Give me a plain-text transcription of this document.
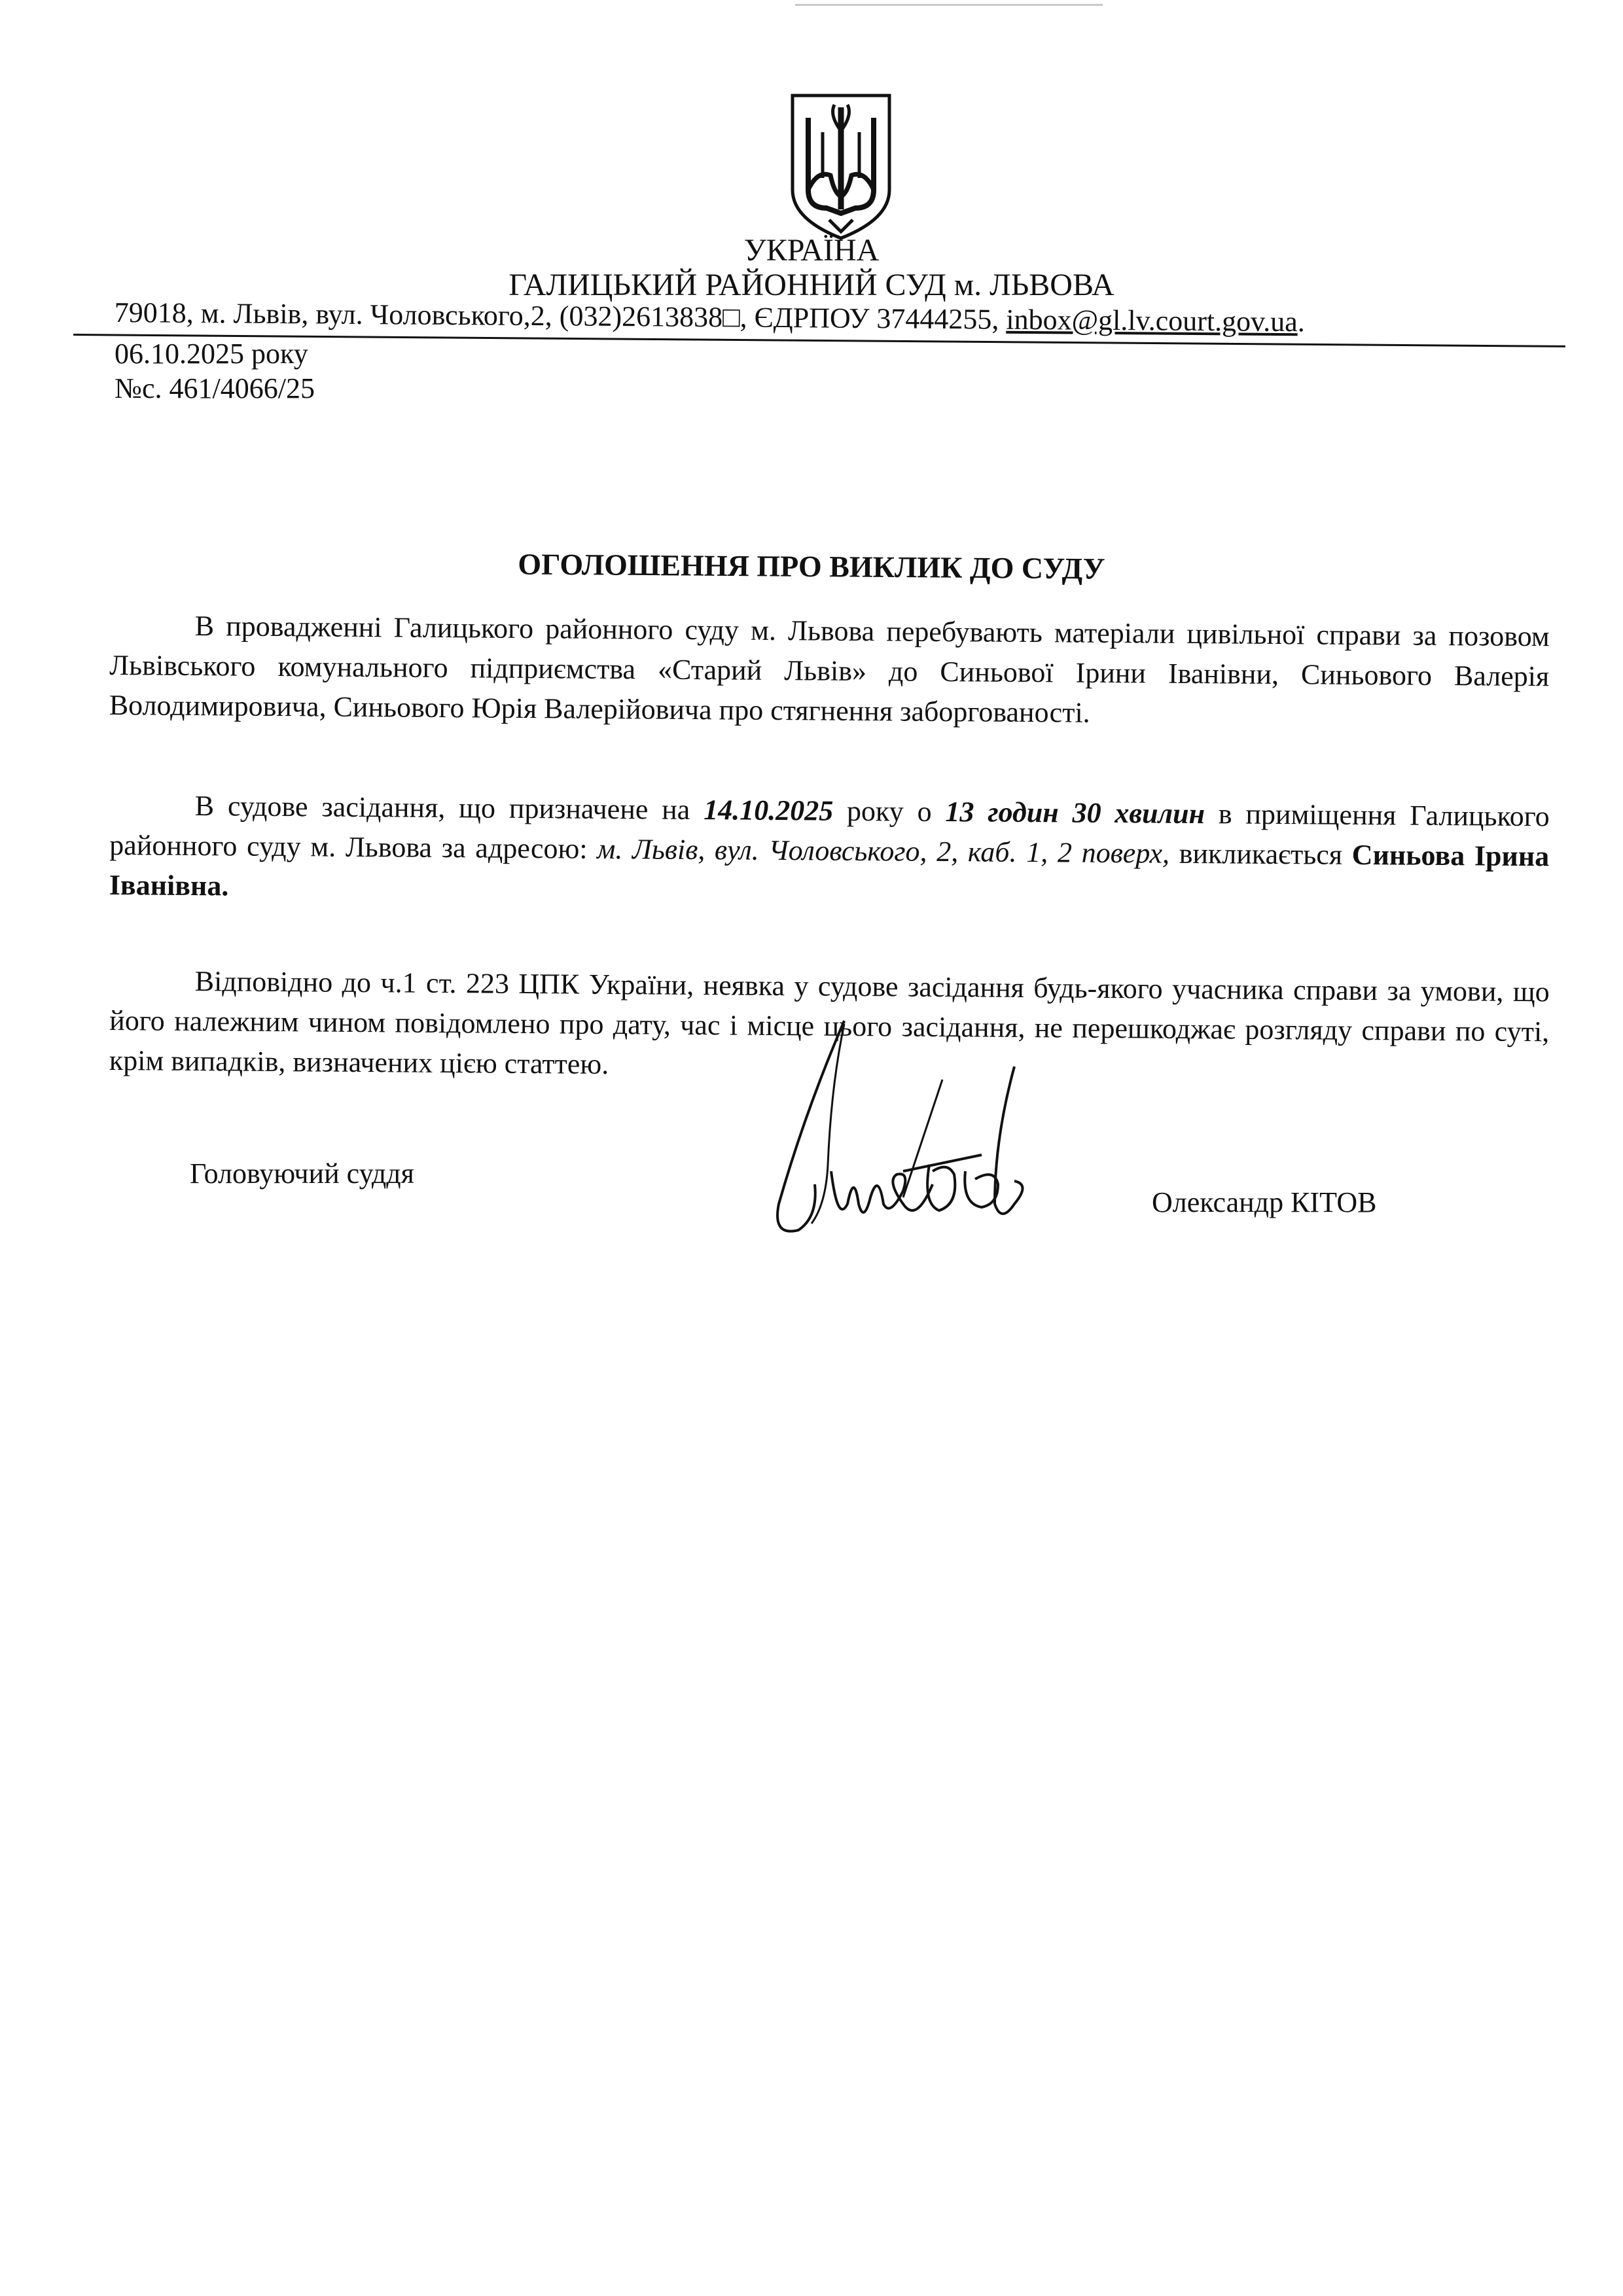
УКРАЇНА
ГАЛИЦЬКИЙ РАЙОННИЙ СУД м. ЛЬВОВА
79018, м. Львів, вул. Чоловського,2, (032)2613838□, ЄДРПОУ 37444255, inbox@gl.lv.court.gov.ua.
06.10.2025 року
№с. 461/4066/25
ОГОЛОШЕННЯ ПРО ВИКЛИК ДО СУДУ
В провадженні Галицького районного суду м. Львова перебувають матеріали цивільної справи за позовом Львівського комунального підприємства «Старий Львів» до Синьової Ірини Іванівни, Синьового Валерія Володимировича, Синьового Юрія Валерійовича про стягнення заборгованості.
В судове засідання, що призначене на 14.10.2025 року о 13 годин 30 хвилин в приміщення Галицького районного суду м. Львова за адресою: м. Львів, вул. Чоловського, 2, каб. 1, 2 поверх, викликається Синьова Ірина Іванівна.
Відповідно до ч.1 ст. 223 ЦПК України, неявка у судове засідання будь-якого учасника справи за умови, що його належним чином повідомлено про дату, час і місце цього засідання, не перешкоджає розгляду справи по суті, крім випадків, визначених цією статтею.
Головуючий суддя
Олександр КІТОВ
